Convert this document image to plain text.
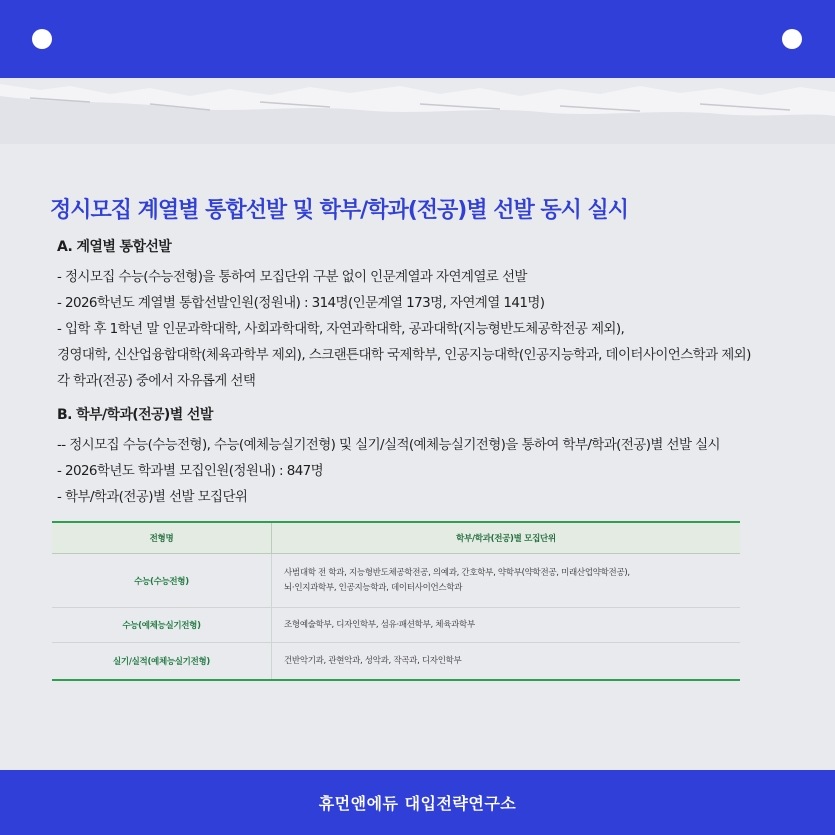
정시모집 계열별 통합선발 및 학부/학과(전공)별 선발 동시 실시
A. 계열별 통합선발
- 정시모집 수능(수능전형)을 통하여 모집단위 구분 없이 인문계열과 자연계열로 선발
- 2026학년도 계열별 통합선발인원(정원내) : 314명(인문계열 173명, 자연계열 141명)
- 입학 후 1학년 말 인문과학대학, 사회과학대학, 자연과학대학, 공과대학(지능형반도체공학전공 제외),
경영대학, 신산업융합대학(체육과학부 제외), 스크랜튼대학 국제학부, 인공지능대학(인공지능학과, 데이터사이언스학과 제외)
각 학과(전공) 중에서 자유롭게 선택
B. 학부/학과(전공)별 선발
-- 정시모집 수능(수능전형), 수능(예체능실기전형) 및 실기/실적(예체능실기전형)을 통하여 학부/학과(전공)별 선발 실시
- 2026학년도 학과별 모집인원(정원내) : 847명
- 학부/학과(전공)별 선발 모집단위
전형명	학부/학과(전공)별 모집단위
수능(수능전형)	사범대학 전 학과, 지능형반도체공학전공, 의예과, 간호학부, 약학부(약학전공, 미래산업약학전공),
뇌·인지과학부, 인공지능학과, 데이터사이언스학과

수능(예체능실기전형)	조형예술학부, 디자인학부, 섬유·패션학부, 체육과학부
실기/실적(예체능실기전형)	건반악기과, 관현악과, 성악과, 작곡과, 디자인학부
휴먼앤에듀 대입전략연구소
